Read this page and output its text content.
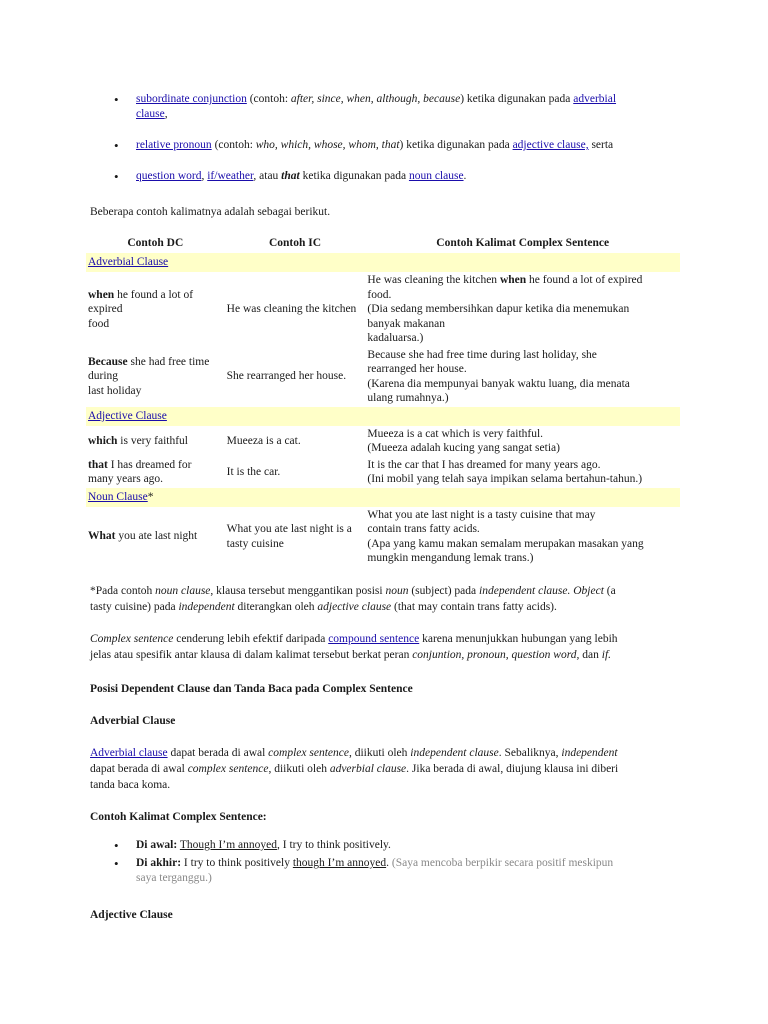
• subordinate conjunction (contoh: after, since, when, although, because) ketika digunakan pada adverbial
clause,
• relative pronoun (contoh: who, which, whose, whom, that) ketika digunakan pada adjective clause, serta
• question word, if/weather, atau that ketika digunakan pada noun clause.
Beberapa contoh kalimatnya adalah sebagai berikut.
Contoh DC	Contoh IC	Contoh Kalimat Complex Sentence
Adverbial Clause		
when he found a lot of
expired
food	He was cleaning the kitchen	He was cleaning the kitchen when he found a lot of expired
food.
(Dia sedang membersihkan dapur ketika dia menemukan
banyak makanan
kadaluarsa.)
Because she had free time
during
last holiday	She rearranged her house.	Because she had free time during last holiday, she
rearranged her house.
(Karena dia mempunyai banyak waktu luang, dia menata
ulang rumahnya.)
Adjective Clause		
which is very faithful	Mueeza is a cat.	Mueeza is a cat which is very faithful.
(Mueeza adalah kucing yang sangat setia)
that I has dreamed for
many years ago.	It is the car.	It is the car that I has dreamed for many years ago.
(Ini mobil yang telah saya impikan selama bertahun-tahun.)
Noun Clause*		
What you ate last night	What you ate last night is a
tasty cuisine	What you ate last night is a tasty cuisine that may
contain trans fatty acids.
(Apa yang kamu makan semalam merupakan masakan yang
mungkin mengandung lemak trans.)
*Pada contoh noun clause, klausa tersebut menggantikan posisi noun (subject) pada independent clause. Object (a
tasty cuisine) pada independent diterangkan oleh adjective clause (that may contain trans fatty acids).
Complex sentence cenderung lebih efektif daripada compound sentence karena menunjukkan hubungan yang lebih
jelas atau spesifik antar klausa di dalam kalimat tersebut berkat peran conjuntion, pronoun, question word, dan if.
Posisi Dependent Clause dan Tanda Baca pada Complex Sentence
Adverbial Clause
Adverbial clause dapat berada di awal complex sentence, diikuti oleh independent clause. Sebaliknya, independent
dapat berada di awal complex sentence, diikuti oleh adverbial clause. Jika berada di awal, diujung klausa ini diberi
tanda baca koma.
Contoh Kalimat Complex Sentence:
• Di awal: Though I’m annoyed, I try to think positively.
• Di akhir: I try to think positively though I’m annoyed. (Saya mencoba berpikir secara positif meskipun
saya terganggu.)
Adjective Clause
